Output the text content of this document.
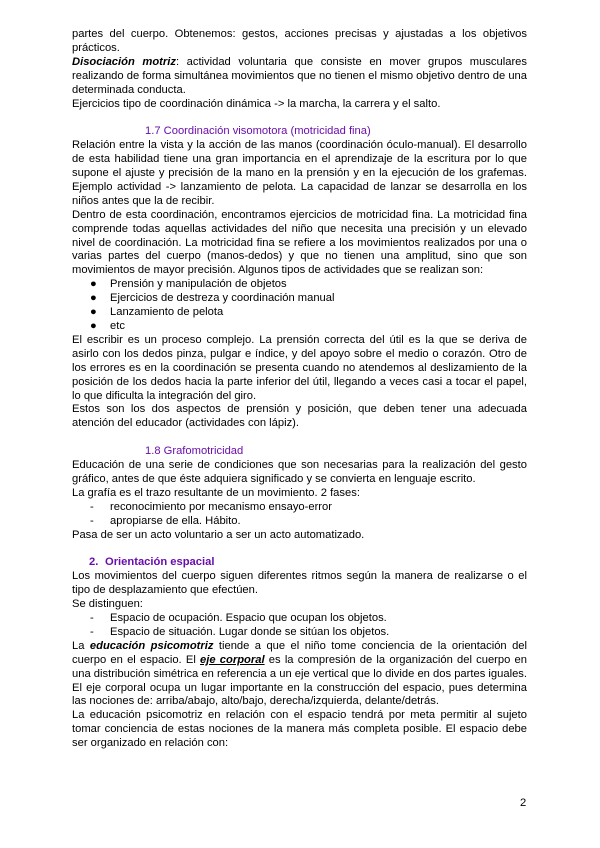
partes del cuerpo. Obtenemos: gestos, acciones precisas y ajustadas a los objetivos prácticos.

Disociación motriz: actividad voluntaria que consiste en mover grupos musculares realizando de forma simultánea movimientos que no tienen el mismo objetivo dentro de una determinada conducta.

Ejercicios tipo de coordinación dinámica -> la marcha, la carrera y el salto.

1.7 Coordinación visomotora (motricidad fina)

Relación entre la vista y la acción de las manos (coordinación óculo-manual). El desarrollo de esta habilidad tiene una gran importancia en el aprendizaje de la escritura por lo que supone el ajuste y precisión de la mano en la prensión y en la ejecución de los grafemas. Ejemplo actividad -> lanzamiento de pelota. La capacidad de lanzar se desarrolla en los niños antes que la de recibir.

Dentro de esta coordinación, encontramos ejercicios de motricidad fina. La motricidad fina comprende todas aquellas actividades del niño que necesita una precisión y un elevado nivel de coordinación. La motricidad fina se refiere a los movimientos realizados por una o varias partes del cuerpo (manos-dedos) y que no tienen una amplitud, sino que son movimientos de mayor precisión. Algunos tipos de actividades que se realizan son:

● Prensión y manipulación de objetos
● Ejercicios de destreza y coordinación manual
● Lanzamiento de pelota
● etc

El escribir es un proceso complejo. La prensión correcta del útil es la que se deriva de asirlo con los dedos pinza, pulgar e índice, y del apoyo sobre el medio o corazón. Otro de los errores es en la coordinación se presenta cuando no atendemos al deslizamiento de la posición de los dedos hacia la parte inferior del útil, llegando a veces casi a tocar el papel, lo que dificulta la integración del giro.

Estos son los dos aspectos de prensión y posición, que deben tener una adecuada atención del educador (actividades con lápiz).

1.8 Grafomotricidad

Educación de una serie de condiciones que son necesarias para la realización del gesto gráfico, antes de que éste adquiera significado y se convierta en lenguaje escrito.

La grafía es el trazo resultante de un movimiento. 2 fases:

- reconocimiento por mecanismo ensayo-error
- apropiarse de ella. Hábito.

Pasa de ser un acto voluntario a ser un acto automatizado.

2. Orientación espacial

Los movimientos del cuerpo siguen diferentes ritmos según la manera de realizarse o el tipo de desplazamiento que efectúen.

Se distinguen:

- Espacio de ocupación. Espacio que ocupan los objetos.
- Espacio de situación. Lugar donde se sitúan los objetos.

La educación psicomotriz tiende a que el niño tome conciencia de la orientación del cuerpo en el espacio. El eje corporal es la compresión de la organización del cuerpo en una distribución simétrica en referencia a un eje vertical que lo divide en dos partes iguales. El eje corporal ocupa un lugar importante en la construcción del espacio, pues determina las nociones de: arriba/abajo, alto/bajo, derecha/izquierda, delante/detrás.

La educación psicomotriz en relación con el espacio tendrá por meta permitir al sujeto tomar conciencia de estas nociones de la manera más completa posible. El espacio debe ser organizado en relación con:

2
